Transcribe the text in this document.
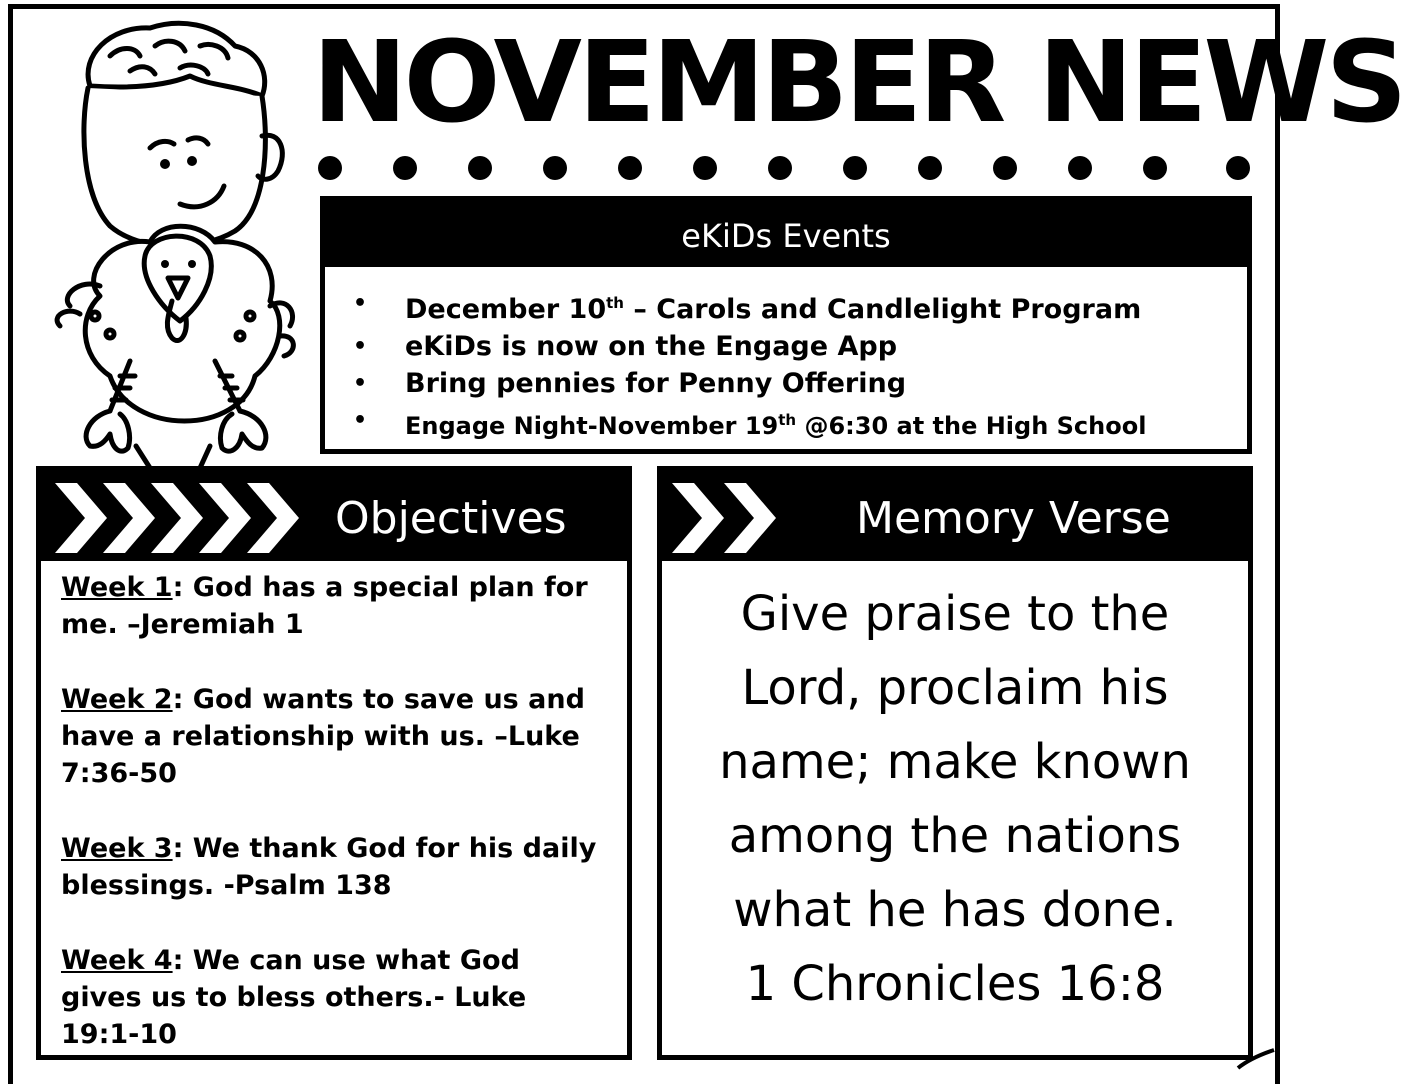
NOVEMBER NEWS
eKiDs Events
• December 10th – Carols and Candlelight Program
• eKiDs is now on the Engage App
• Bring pennies for Penny Offering
• Engage Night-November 19th @6:30 at the High School
Objectives
Week 1: God has a special plan for me. –Jeremiah 1
Week 2: God wants to save us and have a relationship with us. –Luke 7:36-50
Week 3: We thank God for his daily blessings. -Psalm 138
Week 4: We can use what God gives us to bless others.- Luke 19:1-10
Memory Verse
Give praise to the
Lord, proclaim his
name; make known
among the nations
what he has done.
1 Chronicles 16:8
